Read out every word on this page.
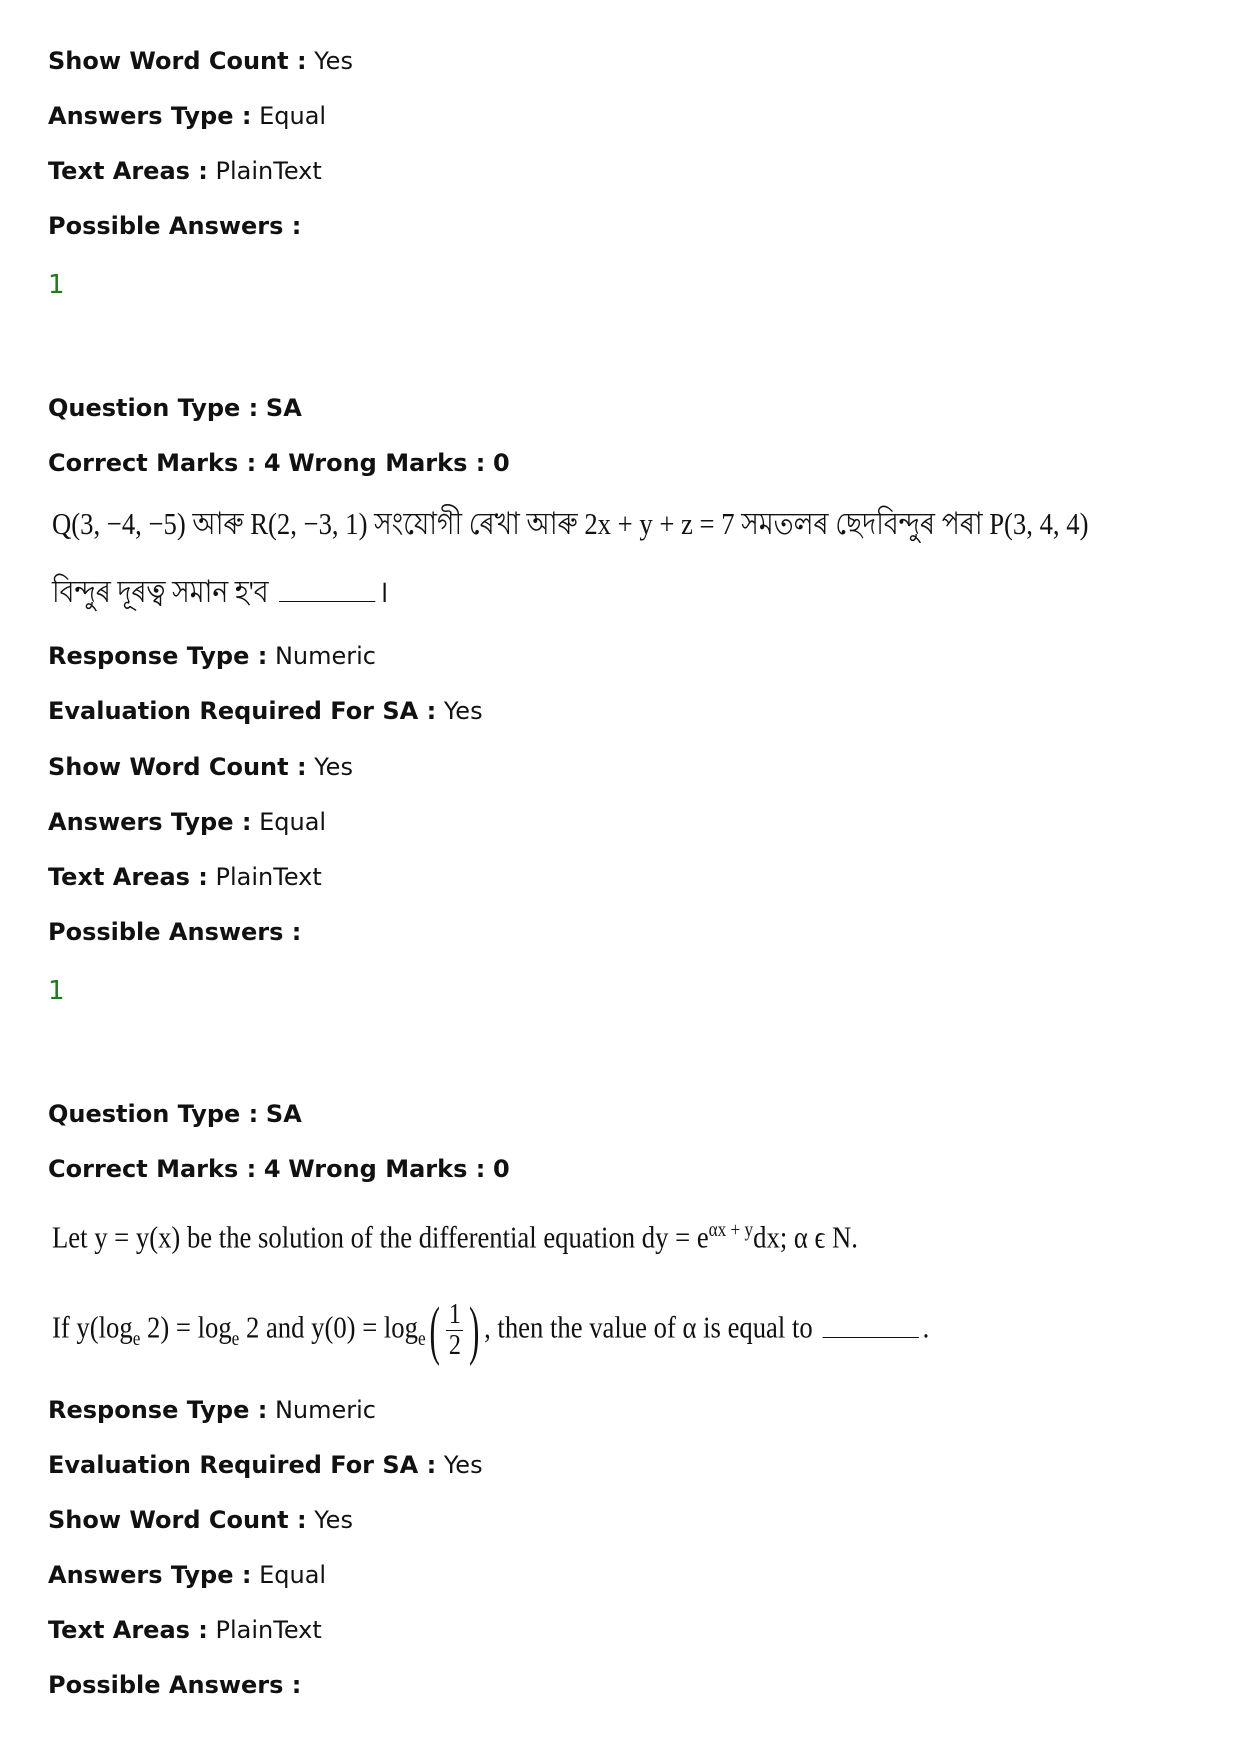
Show Word Count : Yes
Answers Type : Equal
Text Areas : PlainText
Possible Answers :
1
Question Type : SA
Correct Marks : 4 Wrong Marks : 0
Q(3, −4, −5) আৰু R(2, −3, 1) সংযোগী ৰেখা আৰু 2x + y + z = 7 সমতলৰ ছেদবিন্দুৰ পৰা P(3, 4, 4)
বিন্দুৰ দূৰত্ব সমান হ'ব	।
Response Type : Numeric
Evaluation Required For SA : Yes
Show Word Count : Yes
Answers Type : Equal
Text Areas : PlainText
Possible Answers :
1
Question Type : SA
Correct Marks : 4 Wrong Marks : 0
Let y = y(x) be the solution of the differential equation dy = $e^{\alpha x + y}dx$; α ϵ N.
If $y(\log_e$ $2) = \log_e 2$ and $y(0) = \log_e( \frac{1}{2}$ ) , then the value of α is equal to	.
Response Type : Numeric
Evaluation Required For SA : Yes
Show Word Count : Yes
Answers Type : Equal
Text Areas : PlainText
Possible Answers :
